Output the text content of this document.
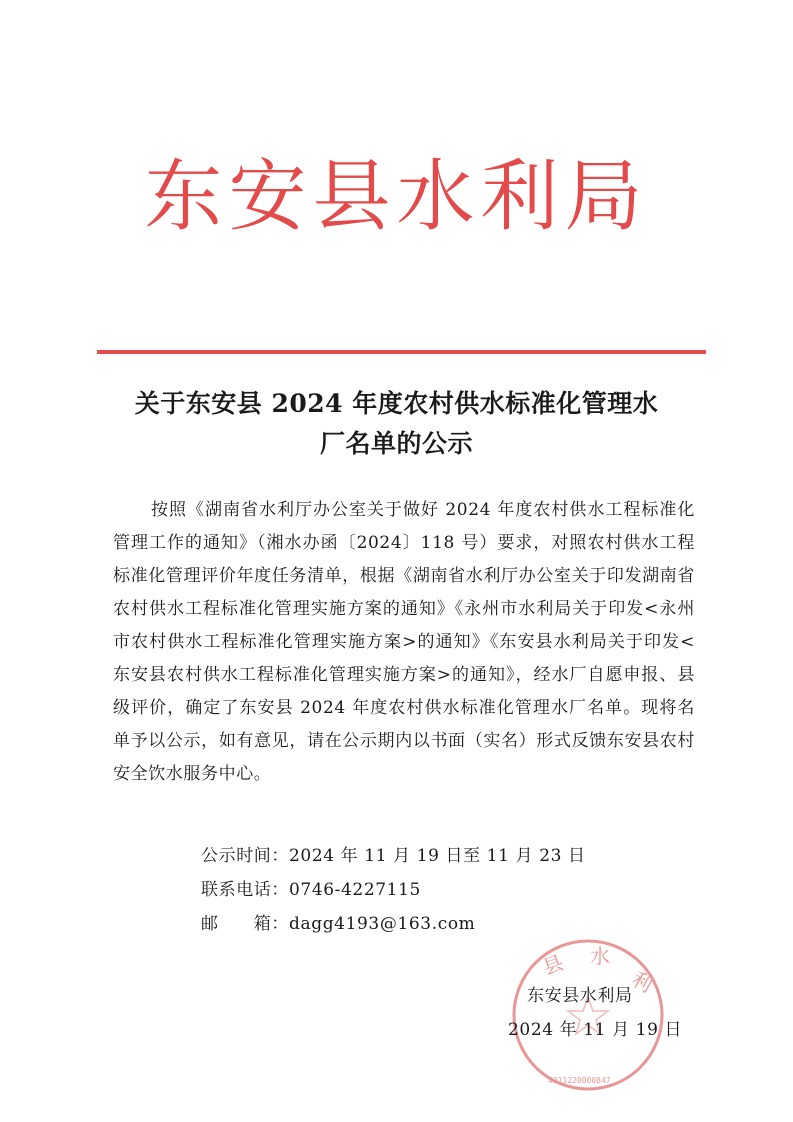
东安县水利局
关于东安县 2024 年度农村供水标准化管理水
厂名单的公示
按照《湖南省水利厅办公室关于做好 2024 年度农村供水工程标准化管理工作的通知》（湘水办函〔2024〕118 号）要求，对照农村供水工程标准化管理评价年度任务清单，根据《湖南省水利厅办公室关于印发湖南省农村供水工程标准化管理实施方案的通知》《永州市水利局关于印发<永州市农村供水工程标准化管理实施方案>的通知》《东安县水利局关于印发<东安县农村供水工程标准化管理实施方案>的通知》，经水厂自愿申报、县级评价，确定了东安县 2024 年度农村供水标准化管理水厂名单。现将名单予以公示，如有意见，请在公示期内以书面（实名）形式反馈东安县农村安全饮水服务中心。
公示时间：2024 年 11 月 19 日至 11 月 23 日
联系电话：0746-4227115
邮　　箱：dagg4193@163.com
县 水
利
4311220000847
东安县水利局
2024 年 11 月 19 日
